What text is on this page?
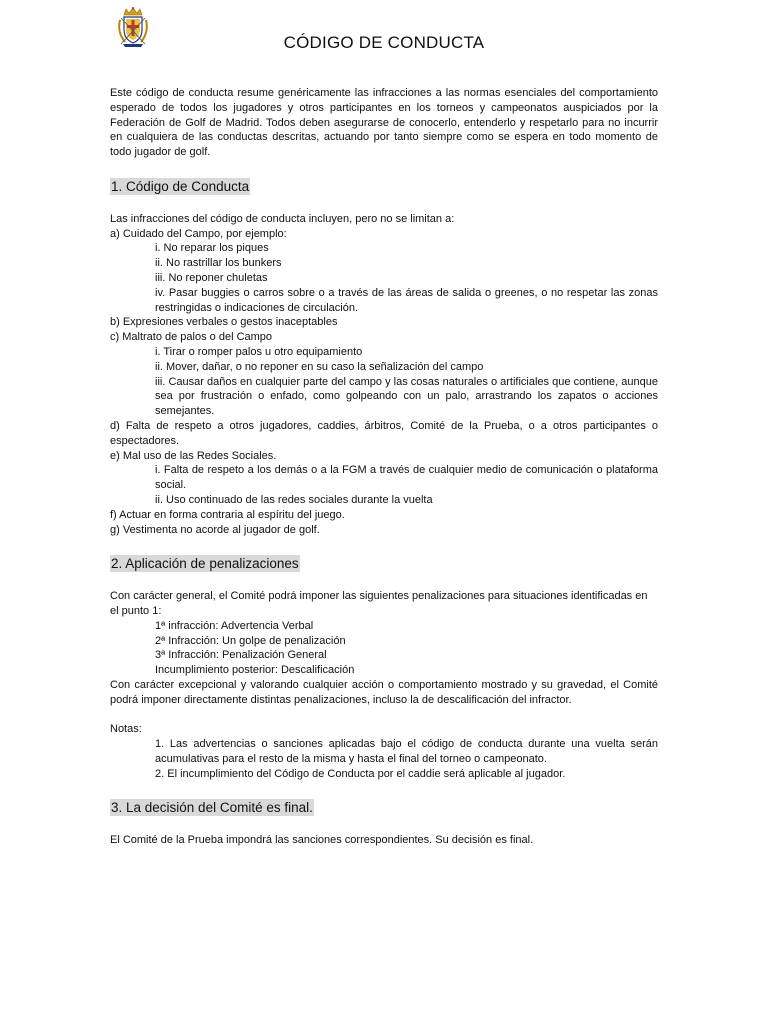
CÓDIGO DE CONDUCTA

Este código de conducta resume genéricamente las infracciones a las normas esenciales del comportamiento esperado de todos los jugadores y otros participantes en los torneos y campeonatos auspiciados por la Federación de Golf de Madrid. Todos deben asegurarse de conocerlo, entenderlo y respetarlo para no incurrir en cualquiera de las conductas descritas, actuando por tanto siempre como se espera en todo momento de todo jugador de golf.

1. Código de Conducta

Las infracciones del código de conducta incluyen, pero no se limitan a:

a) Cuidado del Campo, por ejemplo:

i. No reparar los piques

ii. No rastrillar los bunkers

iii. No reponer chuletas

iv. Pasar buggies o carros sobre o a través de las áreas de salida o greenes, o no respetar las zonas restringidas o indicaciones de circulación.

b) Expresiones verbales o gestos inaceptables

c) Maltrato de palos o del Campo

i. Tirar o romper palos u otro equipamiento

ii. Mover, dañar, o no reponer en su caso la señalización del campo

iii. Causar daños en cualquier parte del campo y las cosas naturales o artificiales que contiene, aunque sea por frustración o enfado, como golpeando con un palo, arrastrando los zapatos o acciones semejantes.

d) Falta de respeto a otros jugadores, caddies, árbitros, Comité de la Prueba, o a otros participantes o espectadores.

e) Mal uso de las Redes Sociales.

i. Falta de respeto a los demás o a la FGM a través de cualquier medio de comunicación o plataforma social.

ii. Uso continuado de las redes sociales durante la vuelta

f) Actuar en forma contraria al espíritu del juego.

g) Vestimenta no acorde al jugador de golf.

2. Aplicación de penalizaciones

Con carácter general, el Comité podrá imponer las siguientes penalizaciones para situaciones identificadas en el punto 1:

1ª infracción: Advertencia Verbal

2ª Infracción: Un golpe de penalización

3ª Infracción: Penalización General

Incumplimiento posterior: Descalificación

Con carácter excepcional y valorando cualquier acción o comportamiento mostrado y su gravedad, el Comité podrá imponer directamente distintas penalizaciones, incluso la de descalificación del infractor.

Notas:

1. Las advertencias o sanciones aplicadas bajo el código de conducta durante una vuelta serán acumulativas para el resto de la misma y hasta el final del torneo o campeonato.

2. El incumplimiento del Código de Conducta por el caddie será aplicable al jugador.

3. La decisión del Comité es final.

El Comité de la Prueba impondrá las sanciones correspondientes. Su decisión es final.
